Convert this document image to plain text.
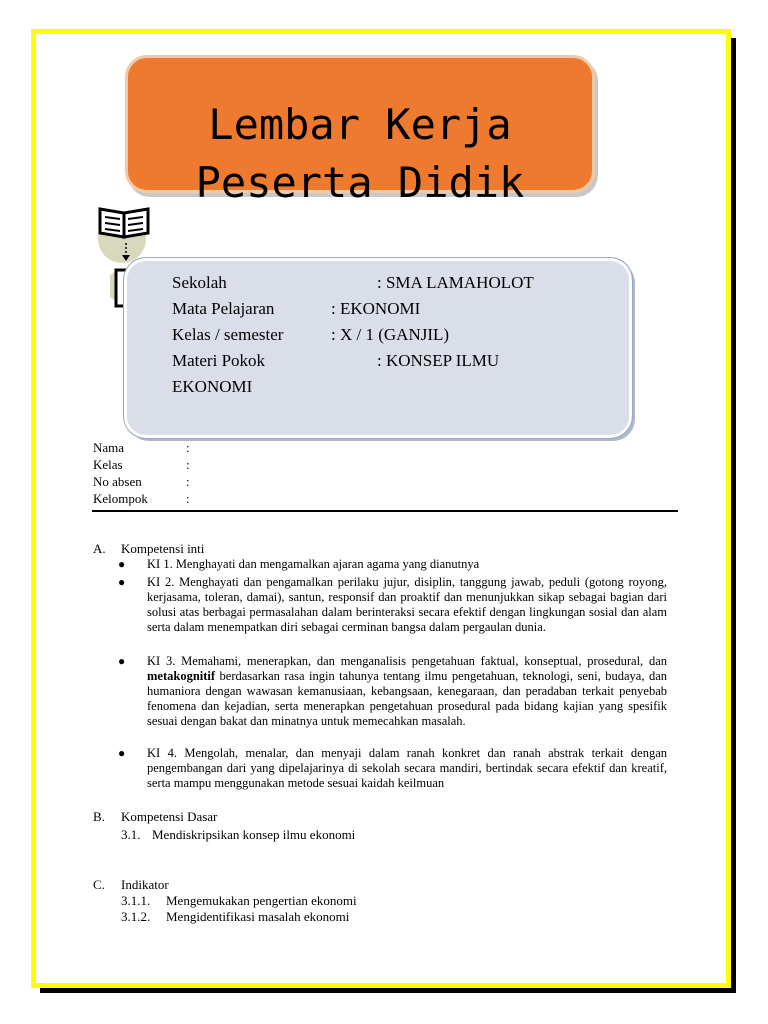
Lembar Kerja
Peserta Didik
Sekolah	: SMA LAMAHOLOT
Mata Pelajaran	: EKONOMI
Kelas / semester	: X / 1 (GANJIL)
Materi Pokok	: KONSEP ILMU
EKONOMI
Nama	:
Kelas	:
No absen	:
Kelompok	:
A. Kompetensi inti
● KI 1. Menghayati dan mengamalkan ajaran agama yang dianutnya
● KI 2. Menghayati dan pengamalkan perilaku jujur, disiplin, tanggung jawab, peduli (gotong royong, kerjasama, toleran, damai), santun, responsif dan proaktif dan menunjukkan sikap sebagai bagian dari solusi atas berbagai permasalahan dalam berinteraksi secara efektif dengan lingkungan sosial dan alam serta dalam menempatkan diri sebagai cerminan bangsa dalam pergaulan dunia.
● KI 3. Memahami, menerapkan, dan menganalisis pengetahuan faktual, konseptual, prosedural, dan metakognitif berdasarkan rasa ingin tahunya tentang ilmu pengetahuan, teknologi, seni, budaya, dan humaniora dengan wawasan kemanusiaan, kebangsaan, kenegaraan, dan peradaban terkait penyebab fenomena dan kejadian, serta menerapkan pengetahuan prosedural pada bidang kajian yang spesifik sesuai dengan bakat dan minatnya untuk memecahkan masalah.
● KI 4. Mengolah, menalar, dan menyaji dalam ranah konkret dan ranah abstrak terkait dengan pengembangan dari yang dipelajarinya di sekolah secara mandiri, bertindak secara efektif dan kreatif, serta mampu menggunakan metode sesuai kaidah keilmuan
B. Kompetensi Dasar
3.1. Mendiskripsikan konsep ilmu ekonomi
C. Indikator
3.1.1. Mengemukakan pengertian ekonomi
3.1.2. Mengidentifikasi masalah ekonomi
